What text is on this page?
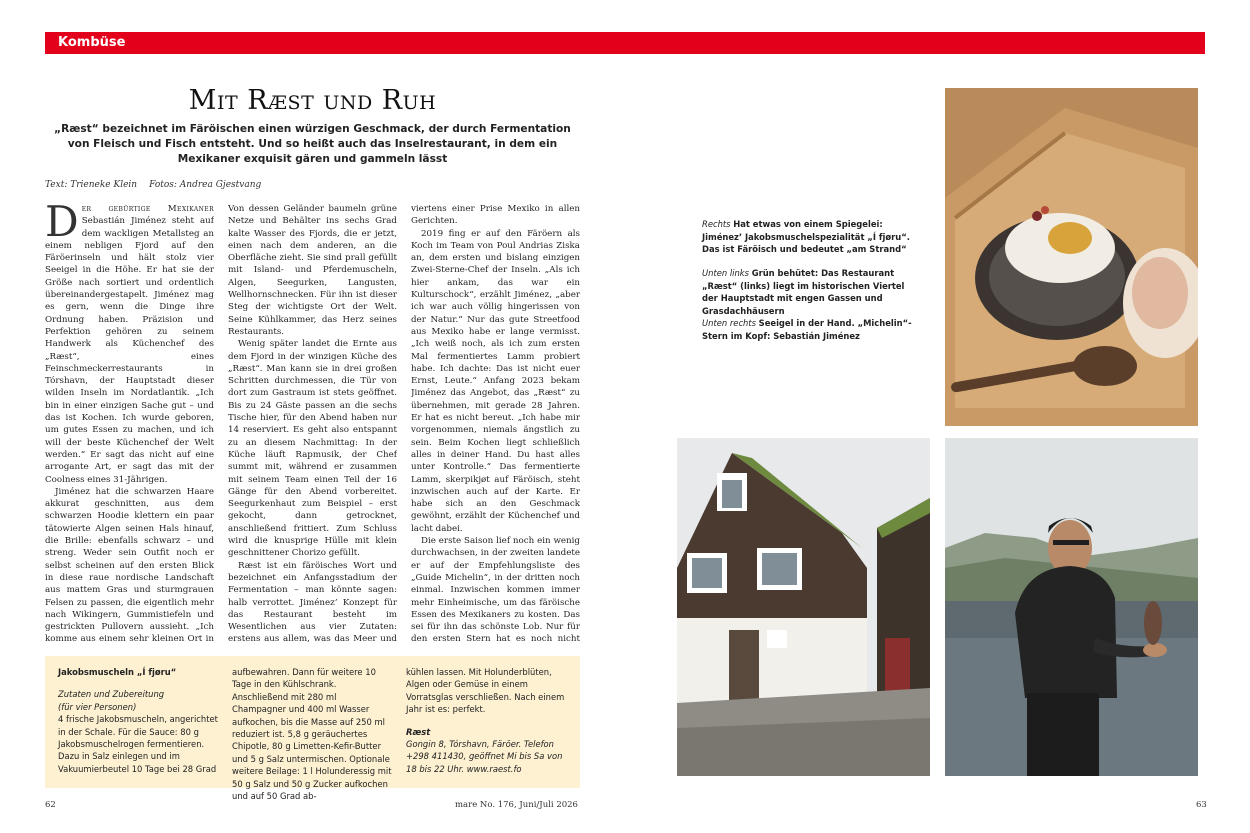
Kombüse
Mit Ræst und Ruh
„Ræst“ bezeichnet im Färöischen einen würzigen Geschmack, der durch Fermentation von Fleisch und Fisch entsteht. Und so heißt auch das Inselrestaurant, in dem ein Mexikaner exquisit gären und gammeln lässt
Text: Trieneke Klein Fotos: Andrea Gjestvang

Der gebürtige Mexikaner Sebastián Jiménez steht auf dem wackligen Metallsteg an einem nebligen Fjord auf den Färöerinseln und hält stolz vier Seeigel in die Höhe. Er hat sie der Größe nach sortiert und ordentlich übereinandergestapelt. Jiménez mag es gern, wenn die Dinge ihre Ordnung haben. Präzision und Perfektion gehören zu seinem Handwerk als Küchenchef des „Ræst“, eines Feinschmeckerrestaurants in Tórshavn, der Hauptstadt dieser wilden Inseln im Nordatlantik. „Ich bin in einer einzigen Sache gut – und das ist Kochen. Ich wurde geboren, um gutes Essen zu machen, und ich will der beste Küchenchef der Welt werden.“ Er sagt das nicht auf eine arrogante Art, er sagt das mit der Coolness eines 31-Jährigen.

Jiménez hat die schwarzen Haare akkurat geschnitten, aus dem schwarzen Hoodie klettern ein paar tätowierte Algen seinen Hals hinauf, die Brille: ebenfalls schwarz – und streng. Weder sein Outfit noch er selbst scheinen auf den ersten Blick in diese raue nordische Landschaft aus mattem Gras und sturmgrauen Felsen zu passen, die eigentlich mehr nach Wikingern, Gummistiefeln und gestrickten Pullovern aussieht. „Ich komme aus einem sehr kleinen Ort in

Von dessen Geländer baumeln grüne Netze und Behälter ins sechs Grad kalte Wasser des Fjords, die er jetzt, einen nach dem anderen, an die Oberfläche zieht. Sie sind prall gefüllt mit Island- und Pferdemuscheln, Algen, Seegurken, Langusten, Wellhornschnecken. Für ihn ist dieser Steg der wichtigste Ort der Welt. Seine Kühlkammer, das Herz seines Restaurants.

Wenig später landet die Ernte aus dem Fjord in der winzigen Küche des „Ræst“. Man kann sie in drei großen Schritten durchmessen, die Tür von dort zum Gastraum ist stets geöffnet. Bis zu 24 Gäste passen an die sechs Tische hier, für den Abend haben nur 14 reserviert. Es geht also entspannt zu an diesem Nachmittag: In der Küche läuft Rapmusik, der Chef summt mit, während er zusammen mit seinem Team einen Teil der 16 Gänge für den Abend vorbereitet. Seegurkenhaut zum Beispiel – erst gekocht, dann getrocknet, anschließend frittiert. Zum Schluss wird die knusprige Hülle mit klein geschnittener Chorizo gefüllt.

Ræst ist ein färöisches Wort und bezeichnet ein Anfangsstadium der Fermentation – man könnte sagen: halb verrottet. Jiménez’ Konzept für das Restaurant besteht im Wesentlichen aus vier Zutaten: erstens aus allem, was das Meer und

viertens einer Prise Mexiko in allen Gerichten.

2019 fing er auf den Färöern als Koch im Team von Poul Andrias Ziska an, dem ersten und bislang einzigen Zwei-Sterne-Chef der Inseln. „Als ich hier ankam, das war ein Kulturschock“, erzählt Jiménez, „aber ich war auch völlig hingerissen von der Natur.“ Nur das gute Streetfood aus Mexiko habe er lange vermisst. „Ich weiß noch, als ich zum ersten Mal fermentiertes Lamm probiert habe. Ich dachte: Das ist nicht euer Ernst, Leute.“ Anfang 2023 bekam Jiménez das Angebot, das „Ræst“ zu übernehmen, mit gerade 28 Jahren. Er hat es nicht bereut. „Ich habe mir vorgenommen, niemals ängstlich zu sein. Beim Kochen liegt schließlich alles in deiner Hand. Du hast alles unter Kontrolle.“ Das fermentierte Lamm, skerpikjøt auf Färöisch, steht inzwischen auch auf der Karte. Er habe sich an den Geschmack gewöhnt, erzählt der Küchenchef und lacht dabei.

Die erste Saison lief noch ein wenig durchwachsen, in der zweiten landete er auf der Empfehlungsliste des „Guide Michelin“, in der dritten noch einmal. Inzwischen kommen immer mehr Einheimische, um das färöische Essen des Mexikaners zu kosten. Das sei für ihn das schönste Lob. Nur für den ersten Stern hat es noch nicht

Jakobsmuscheln „Í fjøru“

Zutaten und Zubereitung

(für vier Personen)

4 frische Jakobsmuscheln, angerichtet in der Schale. Für die Sauce: 80 g Jakobsmuschelrogen fermentieren. Dazu in Salz einlegen und im Vakuumierbeutel 10 Tage bei 28 Grad

aufbewahren. Dann für weitere 10 Tage in den Kühlschrank. Anschließend mit 280 ml Champagner und 400 ml Wasser aufkochen, bis die Masse auf 250 ml reduziert ist. 5,8 g geräuchertes Chipotle, 80 g Limetten-Kefir-Butter und 5 g Salz untermischen. Optionale weitere Beilage: 1 l Holunderessig mit 50 g Salz und 50 g Zucker aufkochen und auf 50 Grad ab-

kühlen lassen. Mit Holunderblüten, Algen oder Gemüse in einem Vorratsglas verschließen. Nach einem Jahr ist es: perfekt.

Ræst

Gongin 8, Tórshavn, Färöer. Telefon +298 411430, geöffnet Mi bis Sa von 18 bis 22 Uhr. www.raest.fo

62	mare No. 176, Juni/Juli 2026	63
Rechts Hat etwas von einem Spiegelei: Jiménez’ Jakobsmuschelspezialität „Í fjøru“. Das ist Färöisch und bedeutet „am Strand“
Unten links Grün behütet: Das Restaurant „Ræst“ (links) liegt im historischen Viertel der Hauptstadt mit engen Gassen und Grasdachhäusern
Unten rechts Seeigel in der Hand. „Michelin“-Stern im Kopf: Sebastián Jiménez
